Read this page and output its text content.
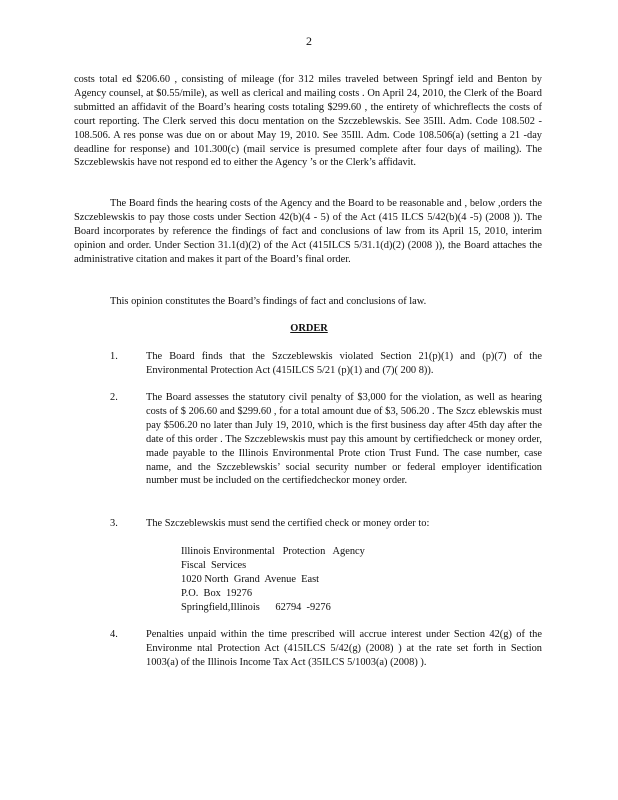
2

costs total ed $206.60 , consisting of mileage (for 312 miles traveled between Springf ield and Benton by Agency counsel, at $0.55/mile), as well as clerical and mailing costs . On April 24, 2010, the Clerk of the Board submitted an affidavit of the Board’s hearing costs totaling $299.60 , the entirety of whichreflects the costs of court reporting. The Clerk served this docu mentation on the Szczeblewskis. See 35Ill. Adm. Code 108.502 - 108.506. A res ponse was due on or about May 19, 2010. See 35Ill. Adm. Code 108.506(a) (setting a 21 -day deadline for response) and 101.300(c) (mail service is presumed complete after four days of mailing). The Szczeblewskis have not respond ed to either the Agency ’s or the Clerk’s affidavit.

The Board finds the hearing costs of the Agency and the Board to be reasonable and , below ,orders the Szczeblewskis to pay those costs under Section 42(b)(4 - 5) of the Act (415 ILCS 5/42(b)(4 -5) (2008 )). The Board incorporates by reference the findings of fact and conclusions of law from its April 15, 2010, interim opinion and order. Under Section 31.1(d)(2) of the Act (415ILCS 5/31.1(d)(2) (2008 )), the Board attaches the administrative citation and makes it part of the Board’s final order.

This opinion constitutes the Board’s findings of fact and conclusions of law.

ORDER
1.	The Board finds that the Szczeblewskis violated Section 21(p)(1) and (p)(7) of the Environmental Protection Act (415ILCS 5/21 (p)(1) and (7)( 200 8)).

2.	The Board assesses the statutory civil penalty of $3,000 for the violation, as well as hearing costs of $ 206.60 and $299.60 , for a total amount due of $3, 506.20 . The Szcz eblewskis must pay $506.20 no later than July 19, 2010, which is the first business day after 45th day after the date of this order . The Szczeblewskis must pay this amount by certifiedcheck or money order, made payable to the Illinois Environmental Prote ction Trust Fund. The case number, case name, and the Szczeblewskis’ social security number or federal employer identification number must be included on the certifiedcheckor money order.

3.	The Szczeblewskis must send the certified check or money order to:

Illinois Environmental   Protection   Agency
Fiscal  Services
1020 North  Grand  Avenue  East
P.O.  Box  19276
Springfield,Illinois      62794  -9276
4.	Penalties unpaid within the time prescribed will accrue interest under Section 42(g) of the Environme ntal Protection Act (415ILCS 5/42(g) (2008) ) at the rate set forth in Section 1003(a) of the Illinois Income Tax Act (35ILCS 5/1003(a) (2008) ).
